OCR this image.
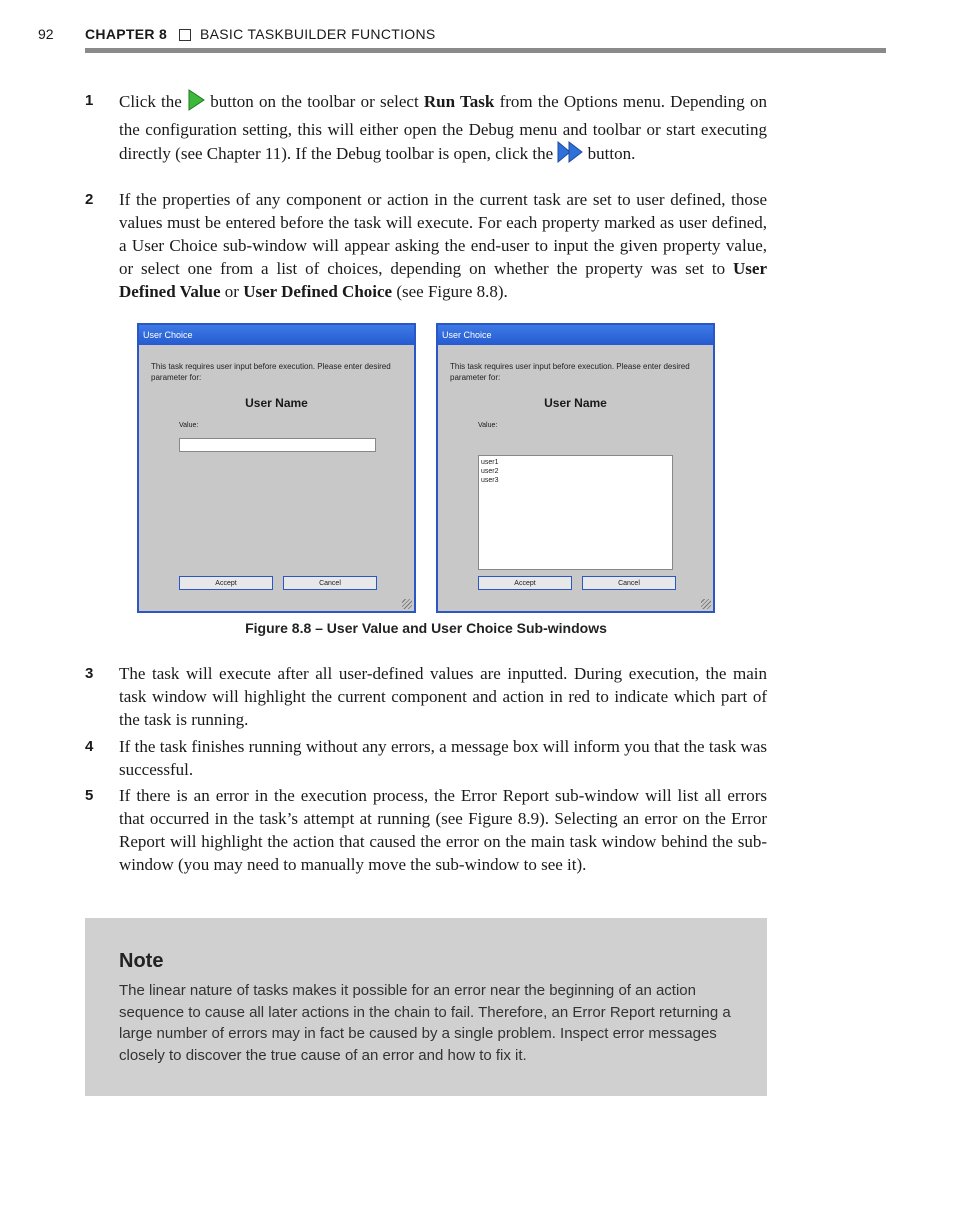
92 CHAPTER 8 BASIC TASKBUILDER FUNCTIONS
1 Click the  button on the toolbar or select Run Task from the Options menu. Depending on the configuration setting, this will either open the Debug menu and toolbar or start executing directly (see Chapter 11). If the Debug toolbar is open, click the  button.
2 If the properties of any component or action in the current task are set to user defined, those values must be entered before the task will execute. For each property marked as user defined, a User Choice sub-window will appear asking the end-user to input the given property value, or select one from a list of choices, depending on whether the property was set to User Defined Value or User Defined Choice (see Figure 8.8).
User Choice
This task requires user input before execution. Please enter desired parameter for:
User Name
Value:
Accept	Cancel
User Choice
This task requires user input before execution. Please enter desired parameter for:
User Name
Value:
user1
user2
user3
Accept	Cancel
Figure 8.8 – User Value and User Choice Sub-windows
3 The task will execute after all user-defined values are inputted. During execution, the main task window will highlight the current component and action in red to indicate which part of the task is running.
4 If the task finishes running without any errors, a message box will inform you that the task was successful.
5 If there is an error in the execution process, the Error Report sub-window will list all errors that occurred in the task’s attempt at running (see Figure 8.9). Selecting an error on the Error Report will highlight the action that caused the error on the main task window behind the sub-window (you may need to manually move the sub-window to see it).
Note
The linear nature of tasks makes it possible for an error near the beginning of an action sequence to cause all later actions in the chain to fail. Therefore, an Error Report returning a large number of errors may in fact be caused by a single problem. Inspect error messages closely to discover the true cause of an error and how to fix it.
